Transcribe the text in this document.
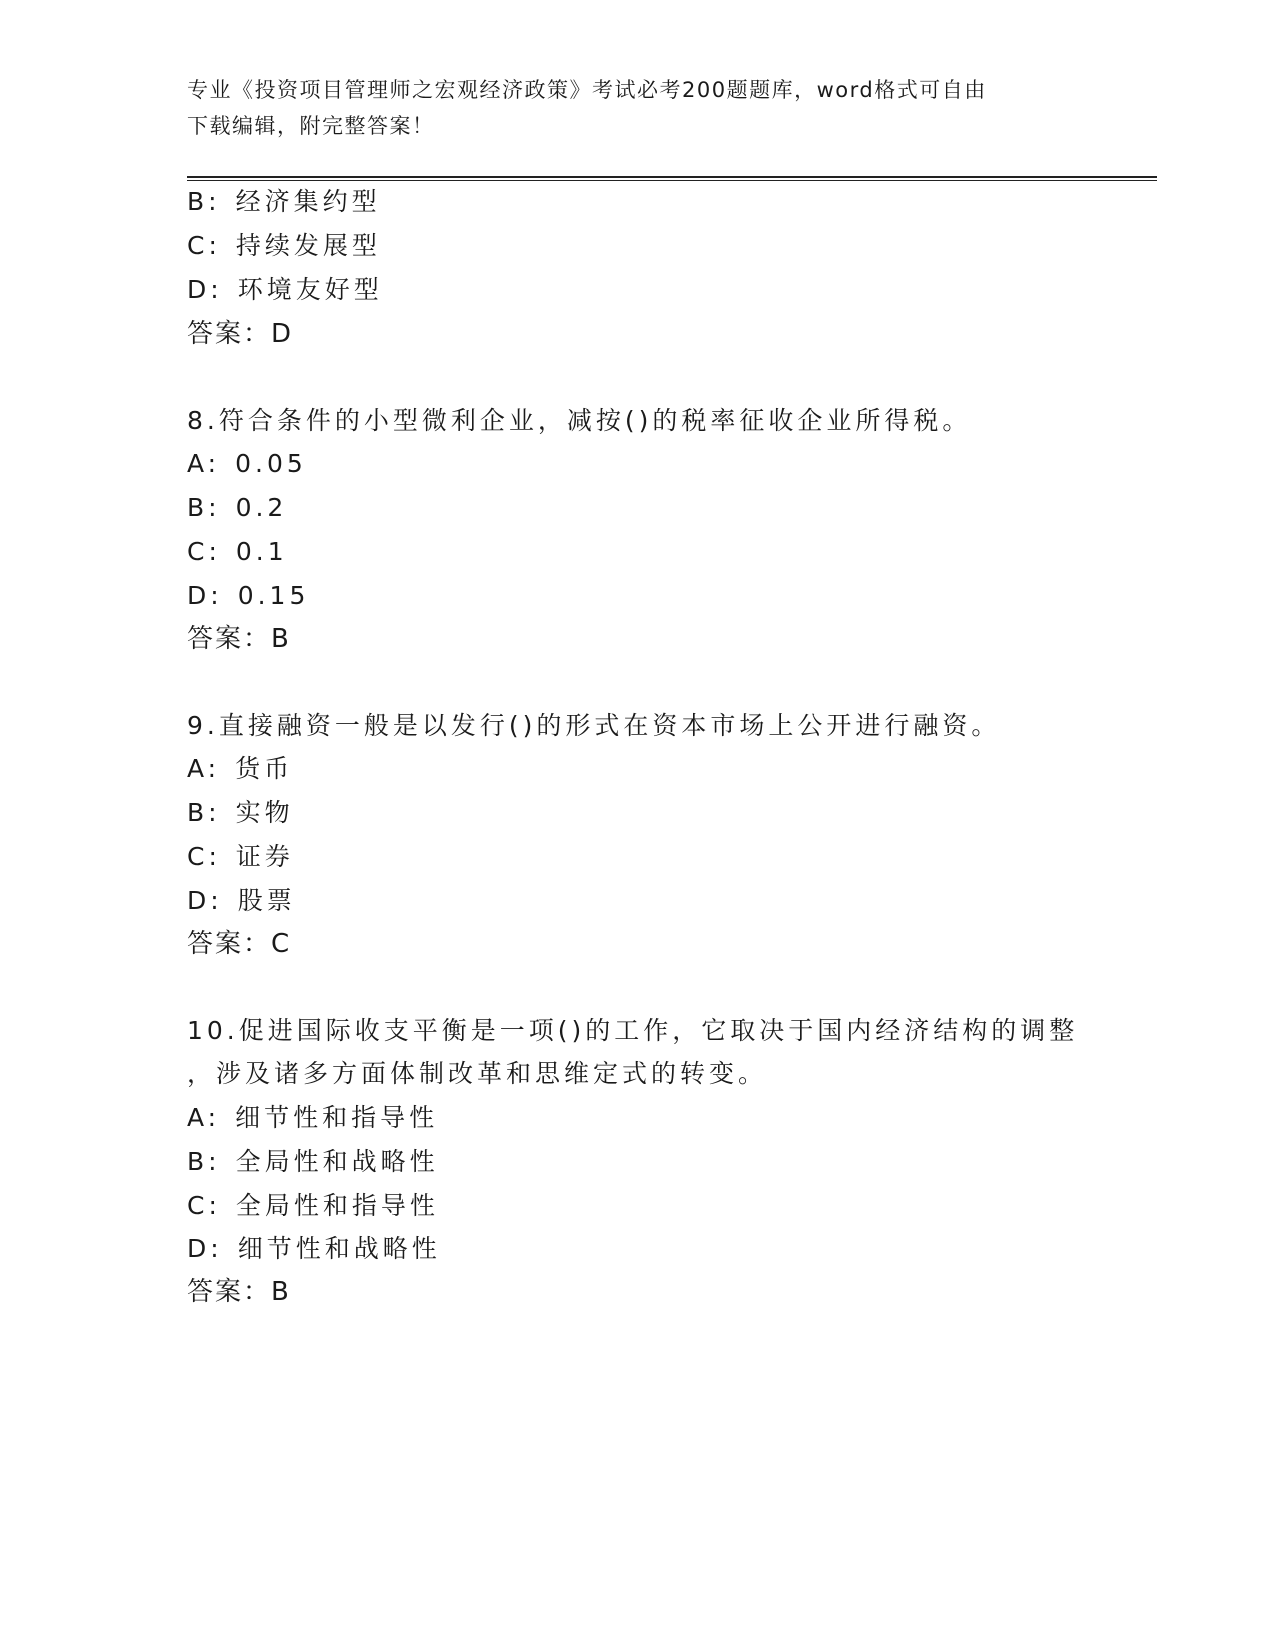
专业《投资项目管理师之宏观经济政策》考试必考200题题库，word格式可自由
下载编辑，附完整答案！
B: 经济集约型
C: 持续发展型
D: 环境友好型
答案：D
8.符合条件的小型微利企业，减按()的税率征收企业所得税。
A: 0.05
B: 0.2
C: 0.1
D: 0.15
答案：B
9.直接融资一般是以发行()的形式在资本市场上公开进行融资。
A: 货币
B: 实物
C: 证券
D: 股票
答案：C
10.促进国际收支平衡是一项()的工作，它取决于国内经济结构的调整
，涉及诸多方面体制改革和思维定式的转变。
A: 细节性和指导性
B: 全局性和战略性
C: 全局性和指导性
D: 细节性和战略性
答案：B
